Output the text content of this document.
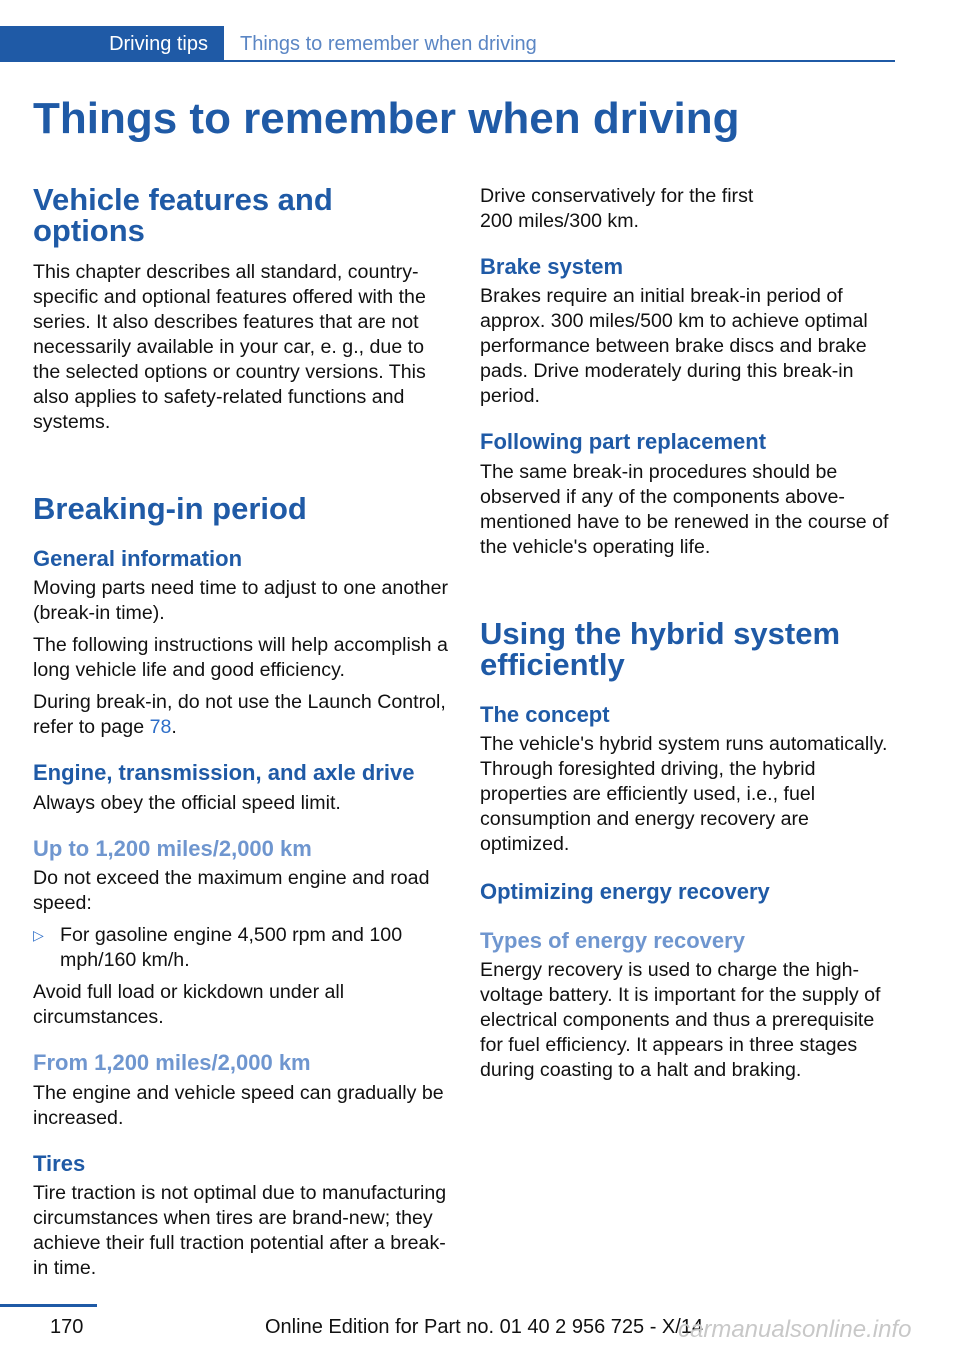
Driving tips	Things to remember when driving
Things to remember when driving
Vehicle features and options

This chapter describes all standard, country-specific and optional features offered with the series. It also describes features that are not necessarily available in your car, e. g., due to the selected options or country versions. This also applies to safety-related functions and systems.

Breaking-in period
General information

Moving parts need time to adjust to one another (break-in time).

The following instructions will help accomplish a long vehicle life and good efficiency.

During break-in, do not use the Launch Control, refer to page 78.

Engine, transmission, and axle drive

Always obey the official speed limit.

Up to 1,200 miles/2,000 km

Do not exceed the maximum engine and road speed:

▷ For gasoline engine 4,500 rpm and 100 mph/160 km/h.

Avoid full load or kickdown under all circumstances.

From 1,200 miles/2,000 km

The engine and vehicle speed can gradually be increased.

Tires

Tire traction is not optimal due to manufacturing circumstances when tires are brand-new; they achieve their full traction potential after a break-in time.

Drive conservatively for the first 200 miles/300 km.

Brake system

Brakes require an initial break-in period of approx. 300 miles/500 km to achieve optimal performance between brake discs and brake pads. Drive moderately during this break-in period.

Following part replacement

The same break-in procedures should be observed if any of the components above-mentioned have to be renewed in the course of the vehicle's operating life.

Using the hybrid system efficiently
The concept

The vehicle's hybrid system runs automatically. Through foresighted driving, the hybrid properties are efficiently used, i.e., fuel consumption and energy recovery are optimized.

Optimizing energy recovery
Types of energy recovery

Energy recovery is used to charge the high-voltage battery. It is important for the supply of electrical components and thus a prerequisite for fuel efficiency. It appears in three stages during coasting to a halt and braking.

170	Online Edition for Part no. 01 40 2 956 725 - X/14
carmanualsonline.info
